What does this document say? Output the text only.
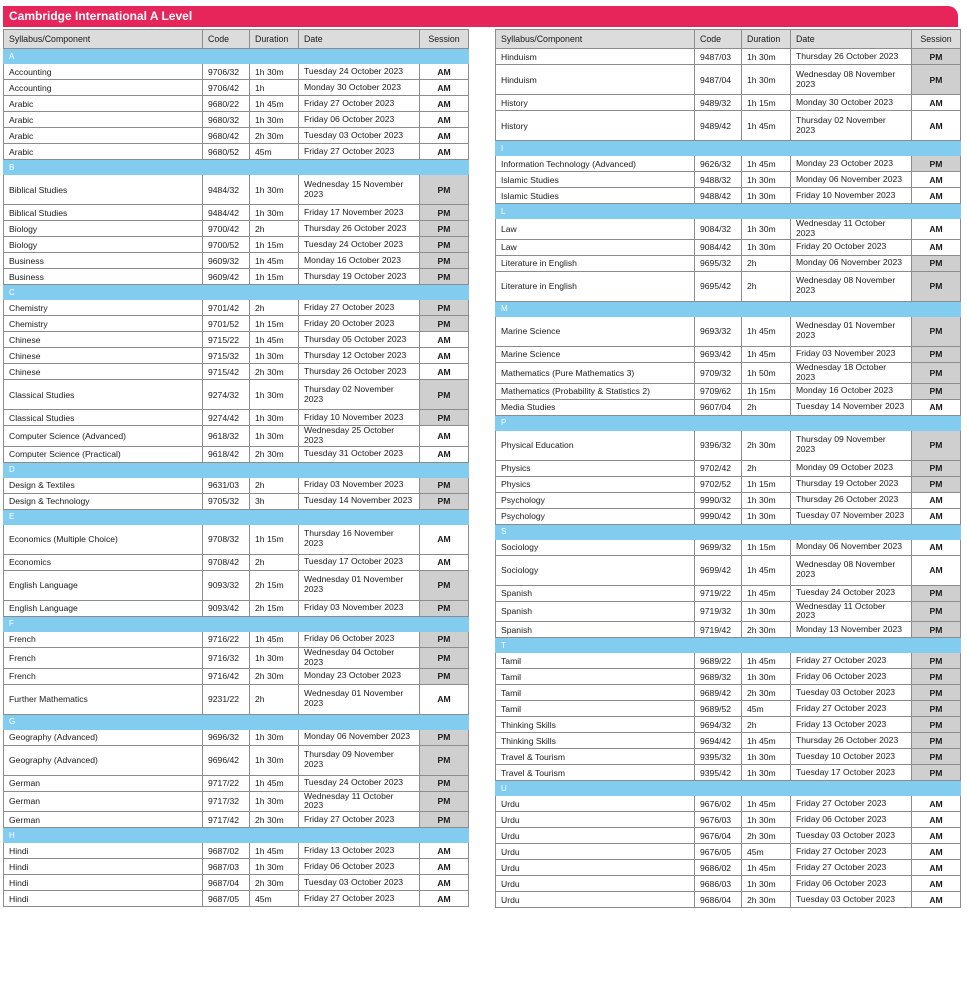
Cambridge International A Level
Syllabus/Component	Code	Duration	Date	Session
A				
Accounting	9706/32	1h 30m	Tuesday 24 October 2023	AM
Accounting	9706/42	1h	Monday 30 October 2023	AM
Arabic	9680/22	1h 45m	Friday 27 October 2023	AM
Arabic	9680/32	1h 30m	Friday 06 October 2023	AM
Arabic	9680/42	2h 30m	Tuesday 03 October 2023	AM
Arabic	9680/52	45m	Friday 27 October 2023	AM
B				
Biblical Studies	9484/32	1h 30m	Wednesday 15 November 2023	PM
Biblical Studies	9484/42	1h 30m	Friday 17 November 2023	PM
Biology	9700/42	2h	Thursday 26 October 2023	PM
Biology	9700/52	1h 15m	Tuesday 24 October 2023	PM
Business	9609/32	1h 45m	Monday 16 October 2023	PM
Business	9609/42	1h 15m	Thursday 19 October 2023	PM
C				
Chemistry	9701/42	2h	Friday 27 October 2023	PM
Chemistry	9701/52	1h 15m	Friday 20 October 2023	PM
Chinese	9715/22	1h 45m	Thursday 05 October 2023	AM
Chinese	9715/32	1h 30m	Thursday 12 October 2023	AM
Chinese	9715/42	2h 30m	Thursday 26 October 2023	AM
Classical Studies	9274/32	1h 30m	Thursday 02 November 2023	PM
Classical Studies	9274/42	1h 30m	Friday 10 November 2023	PM
Computer Science (Advanced)	9618/32	1h 30m	Wednesday 25 October 2023	AM
Computer Science (Practical)	9618/42	2h 30m	Tuesday 31 October 2023	AM
D				
Design & Textiles	9631/03	2h	Friday 03 November 2023	PM
Design & Technology	9705/32	3h	Tuesday 14 November 2023	PM
E				
Economics (Multiple Choice)	9708/32	1h 15m	Thursday 16 November 2023	AM
Economics	9708/42	2h	Tuesday 17 October 2023	AM
English Language	9093/32	2h 15m	Wednesday 01 November 2023	PM
English Language	9093/42	2h 15m	Friday 03 November 2023	PM
F				
French	9716/22	1h 45m	Friday 06 October 2023	PM
French	9716/32	1h 30m	Wednesday 04 October 2023	PM
French	9716/42	2h 30m	Monday 23 October 2023	PM
Further Mathematics	9231/22	2h	Wednesday 01 November 2023	AM
G				
Geography (Advanced)	9696/32	1h 30m	Monday 06 November 2023	PM
Geography (Advanced)	9696/42	1h 30m	Thursday 09 November 2023	PM
German	9717/22	1h 45m	Tuesday 24 October 2023	PM
German	9717/32	1h 30m	Wednesday 11 October 2023	PM
German	9717/42	2h 30m	Friday 27 October 2023	PM
H				
Hindi	9687/02	1h 45m	Friday 13 October 2023	AM
Hindi	9687/03	1h 30m	Friday 06 October 2023	AM
Hindi	9687/04	2h 30m	Tuesday 03 October 2023	AM
Hindi	9687/05	45m	Friday 27 October 2023	AM
Syllabus/Component	Code	Duration	Date	Session
Hinduism	9487/03	1h 30m	Thursday 26 October 2023	PM
Hinduism	9487/04	1h 30m	Wednesday 08 November 2023	PM
History	9489/32	1h 15m	Monday 30 October 2023	AM
History	9489/42	1h 45m	Thursday 02 November 2023	AM
I				
Information Technology (Advanced)	9626/32	1h 45m	Monday 23 October 2023	PM
Islamic Studies	9488/32	1h 30m	Monday 06 November 2023	AM
Islamic Studies	9488/42	1h 30m	Friday 10 November 2023	AM
L				
Law	9084/32	1h 30m	Wednesday 11 October 2023	AM
Law	9084/42	1h 30m	Friday 20 October 2023	AM
Literature in English	9695/32	2h	Monday 06 November 2023	PM
Literature in English	9695/42	2h	Wednesday 08 November 2023	PM
M				
Marine Science	9693/32	1h 45m	Wednesday 01 November 2023	PM
Marine Science	9693/42	1h 45m	Friday 03 November 2023	PM
Mathematics (Pure Mathematics 3)	9709/32	1h 50m	Wednesday 18 October 2023	PM
Mathematics (Probability & Statistics 2)	9709/62	1h 15m	Monday 16 October 2023	PM
Media Studies	9607/04	2h	Tuesday 14 November 2023	AM
P				
Physical Education	9396/32	2h 30m	Thursday 09 November 2023	PM
Physics	9702/42	2h	Monday 09 October 2023	PM
Physics	9702/52	1h 15m	Thursday 19 October 2023	PM
Psychology	9990/32	1h 30m	Thursday 26 October 2023	AM
Psychology	9990/42	1h 30m	Tuesday 07 November 2023	AM
S				
Sociology	9699/32	1h 15m	Monday 06 November 2023	AM
Sociology	9699/42	1h 45m	Wednesday 08 November 2023	AM
Spanish	9719/22	1h 45m	Tuesday 24 October 2023	PM
Spanish	9719/32	1h 30m	Wednesday 11 October 2023	PM
Spanish	9719/42	2h 30m	Monday 13 November 2023	PM
T				
Tamil	9689/22	1h 45m	Friday 27 October 2023	PM
Tamil	9689/32	1h 30m	Friday 06 October 2023	PM
Tamil	9689/42	2h 30m	Tuesday 03 October 2023	PM
Tamil	9689/52	45m	Friday 27 October 2023	PM
Thinking Skills	9694/32	2h	Friday 13 October 2023	PM
Thinking Skills	9694/42	1h 45m	Thursday 26 October 2023	PM
Travel & Tourism	9395/32	1h 30m	Tuesday 10 October 2023	PM
Travel & Tourism	9395/42	1h 30m	Tuesday 17 October 2023	PM
U				
Urdu	9676/02	1h 45m	Friday 27 October 2023	AM
Urdu	9676/03	1h 30m	Friday 06 October 2023	AM
Urdu	9676/04	2h 30m	Tuesday 03 October 2023	AM
Urdu	9676/05	45m	Friday 27 October 2023	AM
Urdu	9686/02	1h 45m	Friday 27 October 2023	AM
Urdu	9686/03	1h 30m	Friday 06 October 2023	AM
Urdu	9686/04	2h 30m	Tuesday 03 October 2023	AM
